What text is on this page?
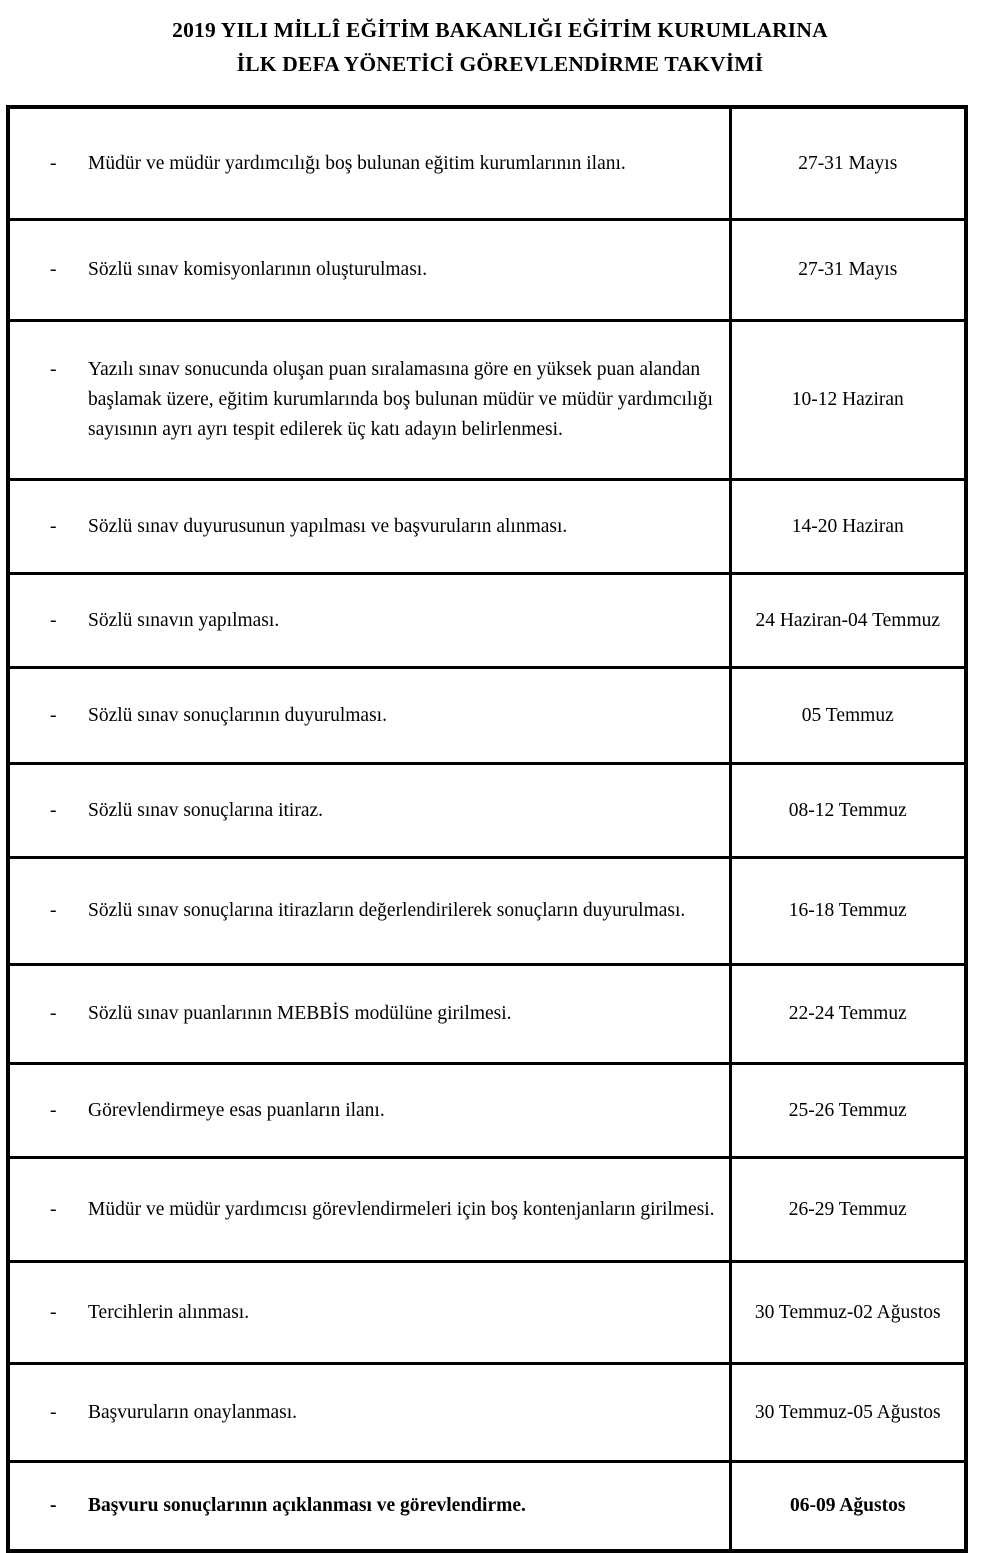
2019 YILI MİLLÎ EĞİTİM BAKANLIĞI EĞİTİM KURUMLARINA
İLK DEFA YÖNETİCİ GÖREVLENDİRME TAKVİMİ
- Müdür ve müdür yardımcılığı boş bulunan eğitim kurumlarının ilanı.	27-31 Mayıs

- Sözlü sınav komisyonlarının oluşturulması.	27-31 Mayıs

- Yazılı sınav sonucunda oluşan puan sıralamasına göre en yüksek puan alandan başlamak üzere, eğitim kurumlarında boş bulunan müdür ve müdür yardımcılığı sayısının ayrı ayrı tespit edilerek üç katı adayın belirlenmesi.	10-12 Haziran

- Sözlü sınav duyurusunun yapılması ve başvuruların alınması.	14-20 Haziran

- Sözlü sınavın yapılması.	24 Haziran-04 Temmuz

- Sözlü sınav sonuçlarının duyurulması.	05 Temmuz

- Sözlü sınav sonuçlarına itiraz.	08-12 Temmuz

- Sözlü sınav sonuçlarına itirazların değerlendirilerek sonuçların duyurulması.	16-18 Temmuz

- Sözlü sınav puanlarının MEBBİS modülüne girilmesi.	22-24 Temmuz

- Görevlendirmeye esas puanların ilanı.	25-26 Temmuz

- Müdür ve müdür yardımcısı görevlendirmeleri için boş kontenjanların girilmesi.	26-29 Temmuz

- Tercihlerin alınması.	30 Temmuz-02 Ağustos

- Başvuruların onaylanması.	30 Temmuz-05 Ağustos

- Başvuru sonuçlarının açıklanması ve görevlendirme.	06-09 Ağustos
